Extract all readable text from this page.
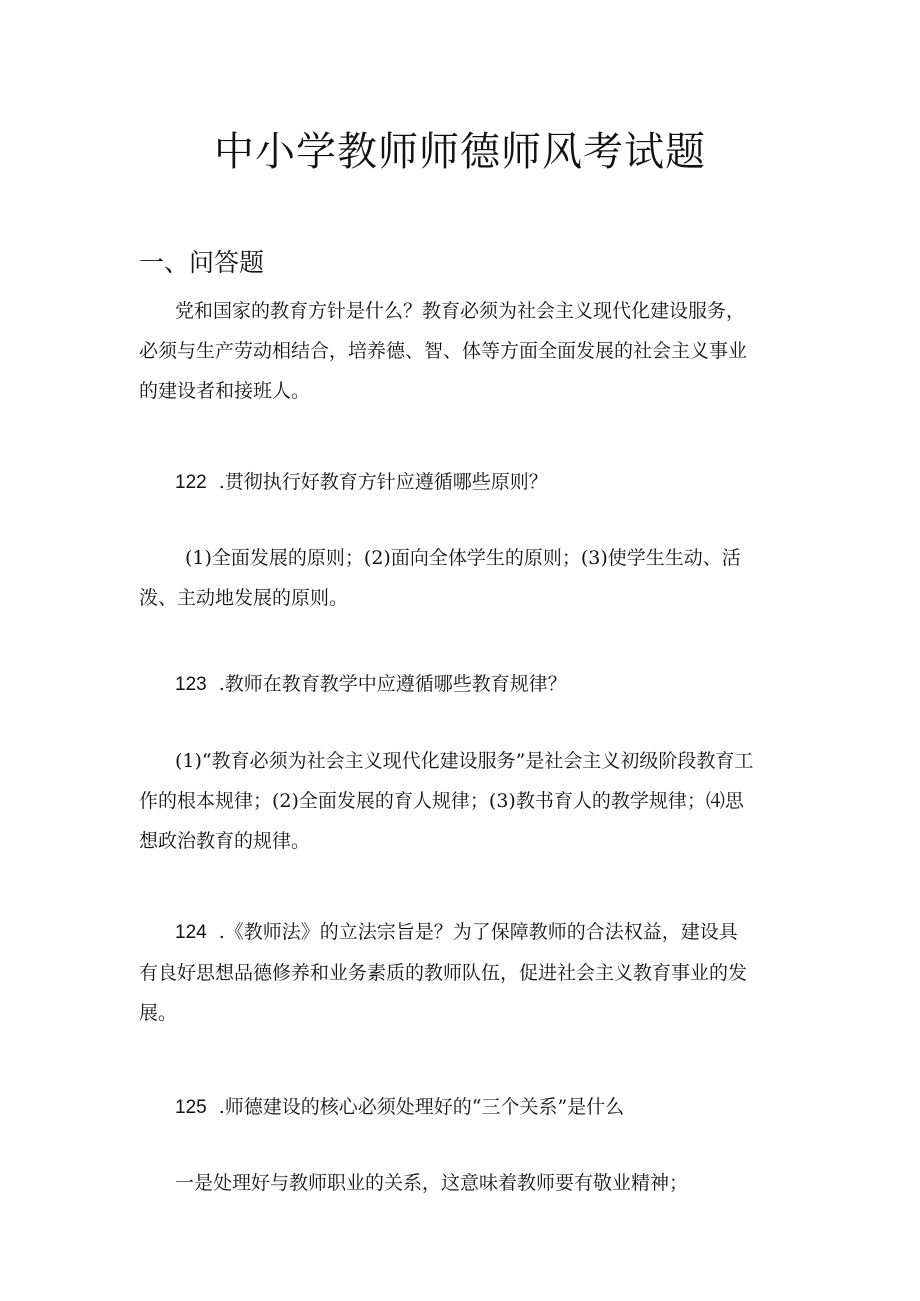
中小学教师师德师风考试题
一、问答题
党和国家的教育方针是什么？教育必须为社会主义现代化建设服务，
必须与生产劳动相结合，培养德、智、体等方面全面发展的社会主义事业
的建设者和接班人。
122 .贯彻执行好教育方针应遵循哪些原则？
(1)全面发展的原则；(2)面向全体学生的原则；(3)使学生生动、活
泼、主动地发展的原则。
123 .教师在教育教学中应遵循哪些教育规律？
(1)“教育必须为社会主义现代化建设服务”是社会主义初级阶段教育工
作的根本规律；(2)全面发展的育人规律；(3)教书育人的教学规律；⑷思
想政治教育的规律。
124 .《教师法》的立法宗旨是？为了保障教师的合法权益，建设具
有良好思想品德修养和业务素质的教师队伍，促进社会主义教育事业的发
展。
125 .师德建设的核心必须处理好的“三个关系”是什么
一是处理好与教师职业的关系，这意味着教师要有敬业精神；
